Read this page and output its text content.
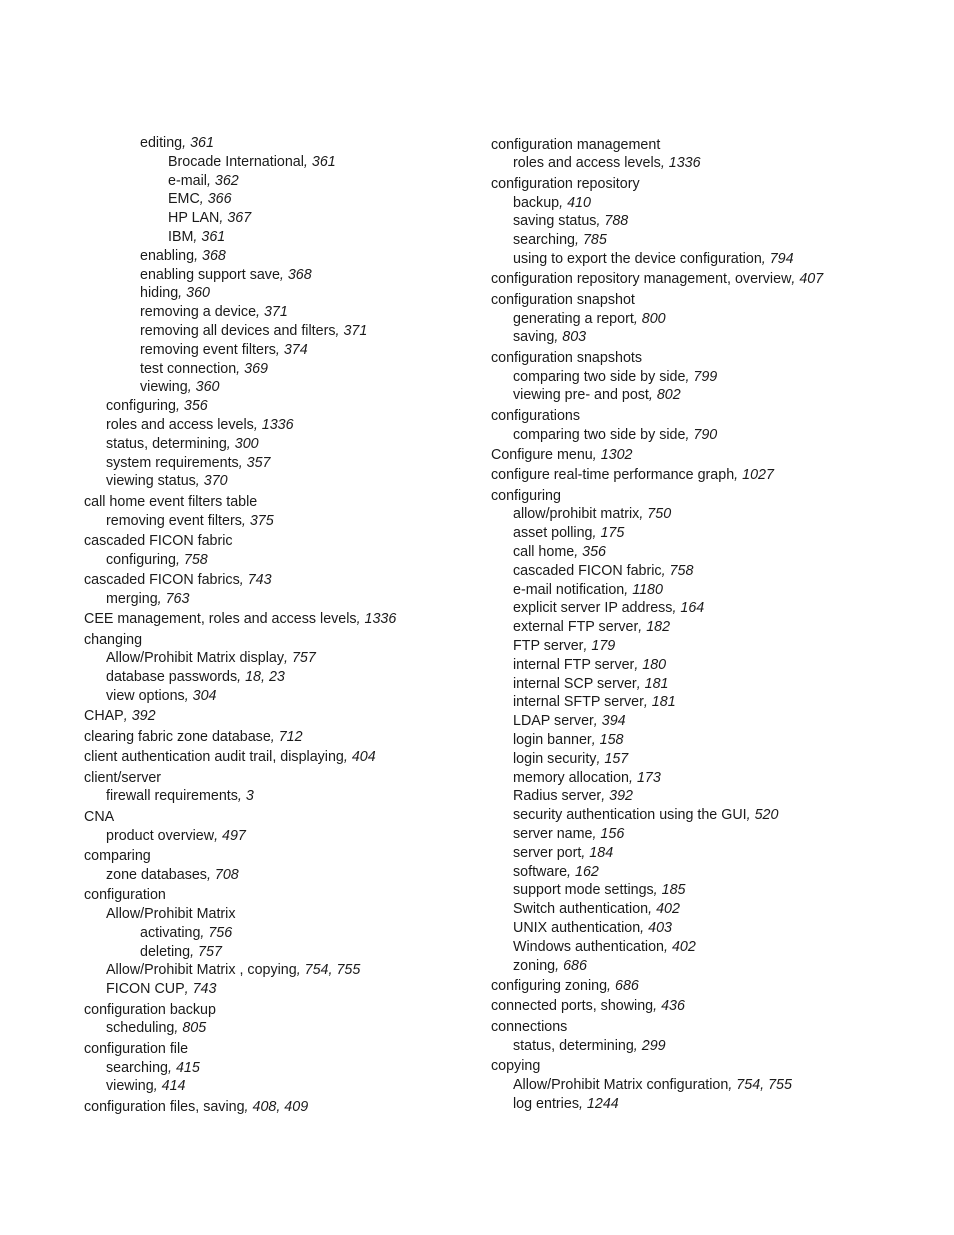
editing, 361
Brocade International, 361
e-mail, 362
EMC, 366
HP LAN, 367
IBM, 361
enabling, 368
enabling support save, 368
hiding, 360
removing a device, 371
removing all devices and filters, 371
removing event filters, 374
test connection, 369
viewing, 360
configuring, 356
roles and access levels, 1336
status, determining, 300
system requirements, 357
viewing status, 370
call home event filters table
removing event filters, 375
cascaded FICON fabric
configuring, 758
cascaded FICON fabrics, 743
merging, 763
CEE management, roles and access levels, 1336
changing
Allow/Prohibit Matrix display, 757
database passwords, 18, 23
view options, 304
CHAP, 392
clearing fabric zone database, 712
client authentication audit trail, displaying, 404
client/server
firewall requirements, 3
CNA
product overview, 497
comparing
zone databases, 708
configuration
Allow/Prohibit Matrix
activating, 756
deleting, 757
Allow/Prohibit Matrix , copying, 754, 755
FICON CUP, 743
configuration backup
scheduling, 805
configuration file
searching, 415
viewing, 414
configuration files, saving, 408, 409
configuration management
roles and access levels, 1336
configuration repository
backup, 410
saving status, 788
searching, 785
using to export the device configuration, 794
configuration repository management, overview, 407
configuration snapshot
generating a report, 800
saving, 803
configuration snapshots
comparing two side by side, 799
viewing pre- and post, 802
configurations
comparing two side by side, 790
Configure menu, 1302
configure real-time performance graph, 1027
configuring
allow/prohibit matrix, 750
asset polling, 175
call home, 356
cascaded FICON fabric, 758
e-mail notification, 1180
explicit server IP address, 164
external FTP server, 182
FTP server, 179
internal FTP server, 180
internal SCP server, 181
internal SFTP server, 181
LDAP server, 394
login banner, 158
login security, 157
memory allocation, 173
Radius server, 392
security authentication using the GUI, 520
server name, 156
server port, 184
software, 162
support mode settings, 185
Switch authentication, 402
UNIX authentication, 403
Windows authentication, 402
zoning, 686
configuring zoning, 686
connected ports, showing, 436
connections
status, determining, 299
copying
Allow/Prohibit Matrix configuration, 754, 755
log entries, 1244
